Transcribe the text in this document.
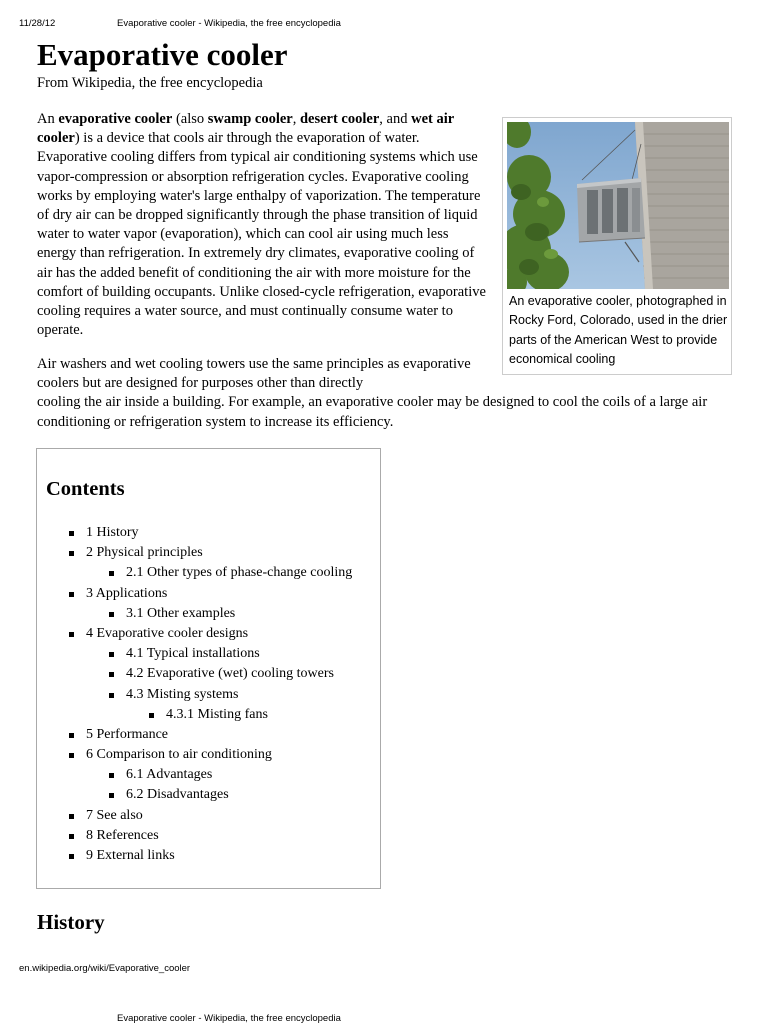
11/28/12	Evaporative cooler - Wikipedia, the free encyclopedia
Evaporative cooler
From Wikipedia, the free encyclopedia

An evaporative cooler (also swamp cooler, desert cooler, and wet air cooler) is a device that cools air through the evaporation of water. Evaporative cooling differs from typical air conditioning systems which use vapor-compression or absorption refrigeration cycles. Evaporative cooling works by employing water's large enthalpy of vaporization. The temperature of dry air can be dropped significantly through the phase transition of liquid water to water vapor (evaporation), which can cool air using much less energy than refrigeration. In extremely dry climates, evaporative cooling of air has the added benefit of conditioning the air with more moisture for the comfort of building occupants. Unlike closed-cycle refrigeration, evaporative cooling requires a water source, and must continually consume water to operate.

An evaporative cooler, photographed in Rocky Ford, Colorado, used in the drier parts of the American West to provide economical cooling

Air washers and wet cooling towers use the same principles as evaporative coolers but are designed for purposes other than directly
cooling the air inside a building. For example, an evaporative cooler may be designed to cool the coils of a large air conditioning or refrigeration system to increase its efficiency.

Contents
1 History
2 Physical principles
2.1 Other types of phase-change cooling
3 Applications
3.1 Other examples
4 Evaporative cooler designs
4.1 Typical installations
4.2 Evaporative (wet) cooling towers
4.3 Misting systems
4.3.1 Misting fans
5 Performance
6 Comparison to air conditioning
6.1 Advantages
6.2 Disadvantages
7 See also
8 References
9 External links
History
en.wikipedia.org/wiki/Evaporative_cooler
Evaporative cooler - Wikipedia, the free encyclopedia
